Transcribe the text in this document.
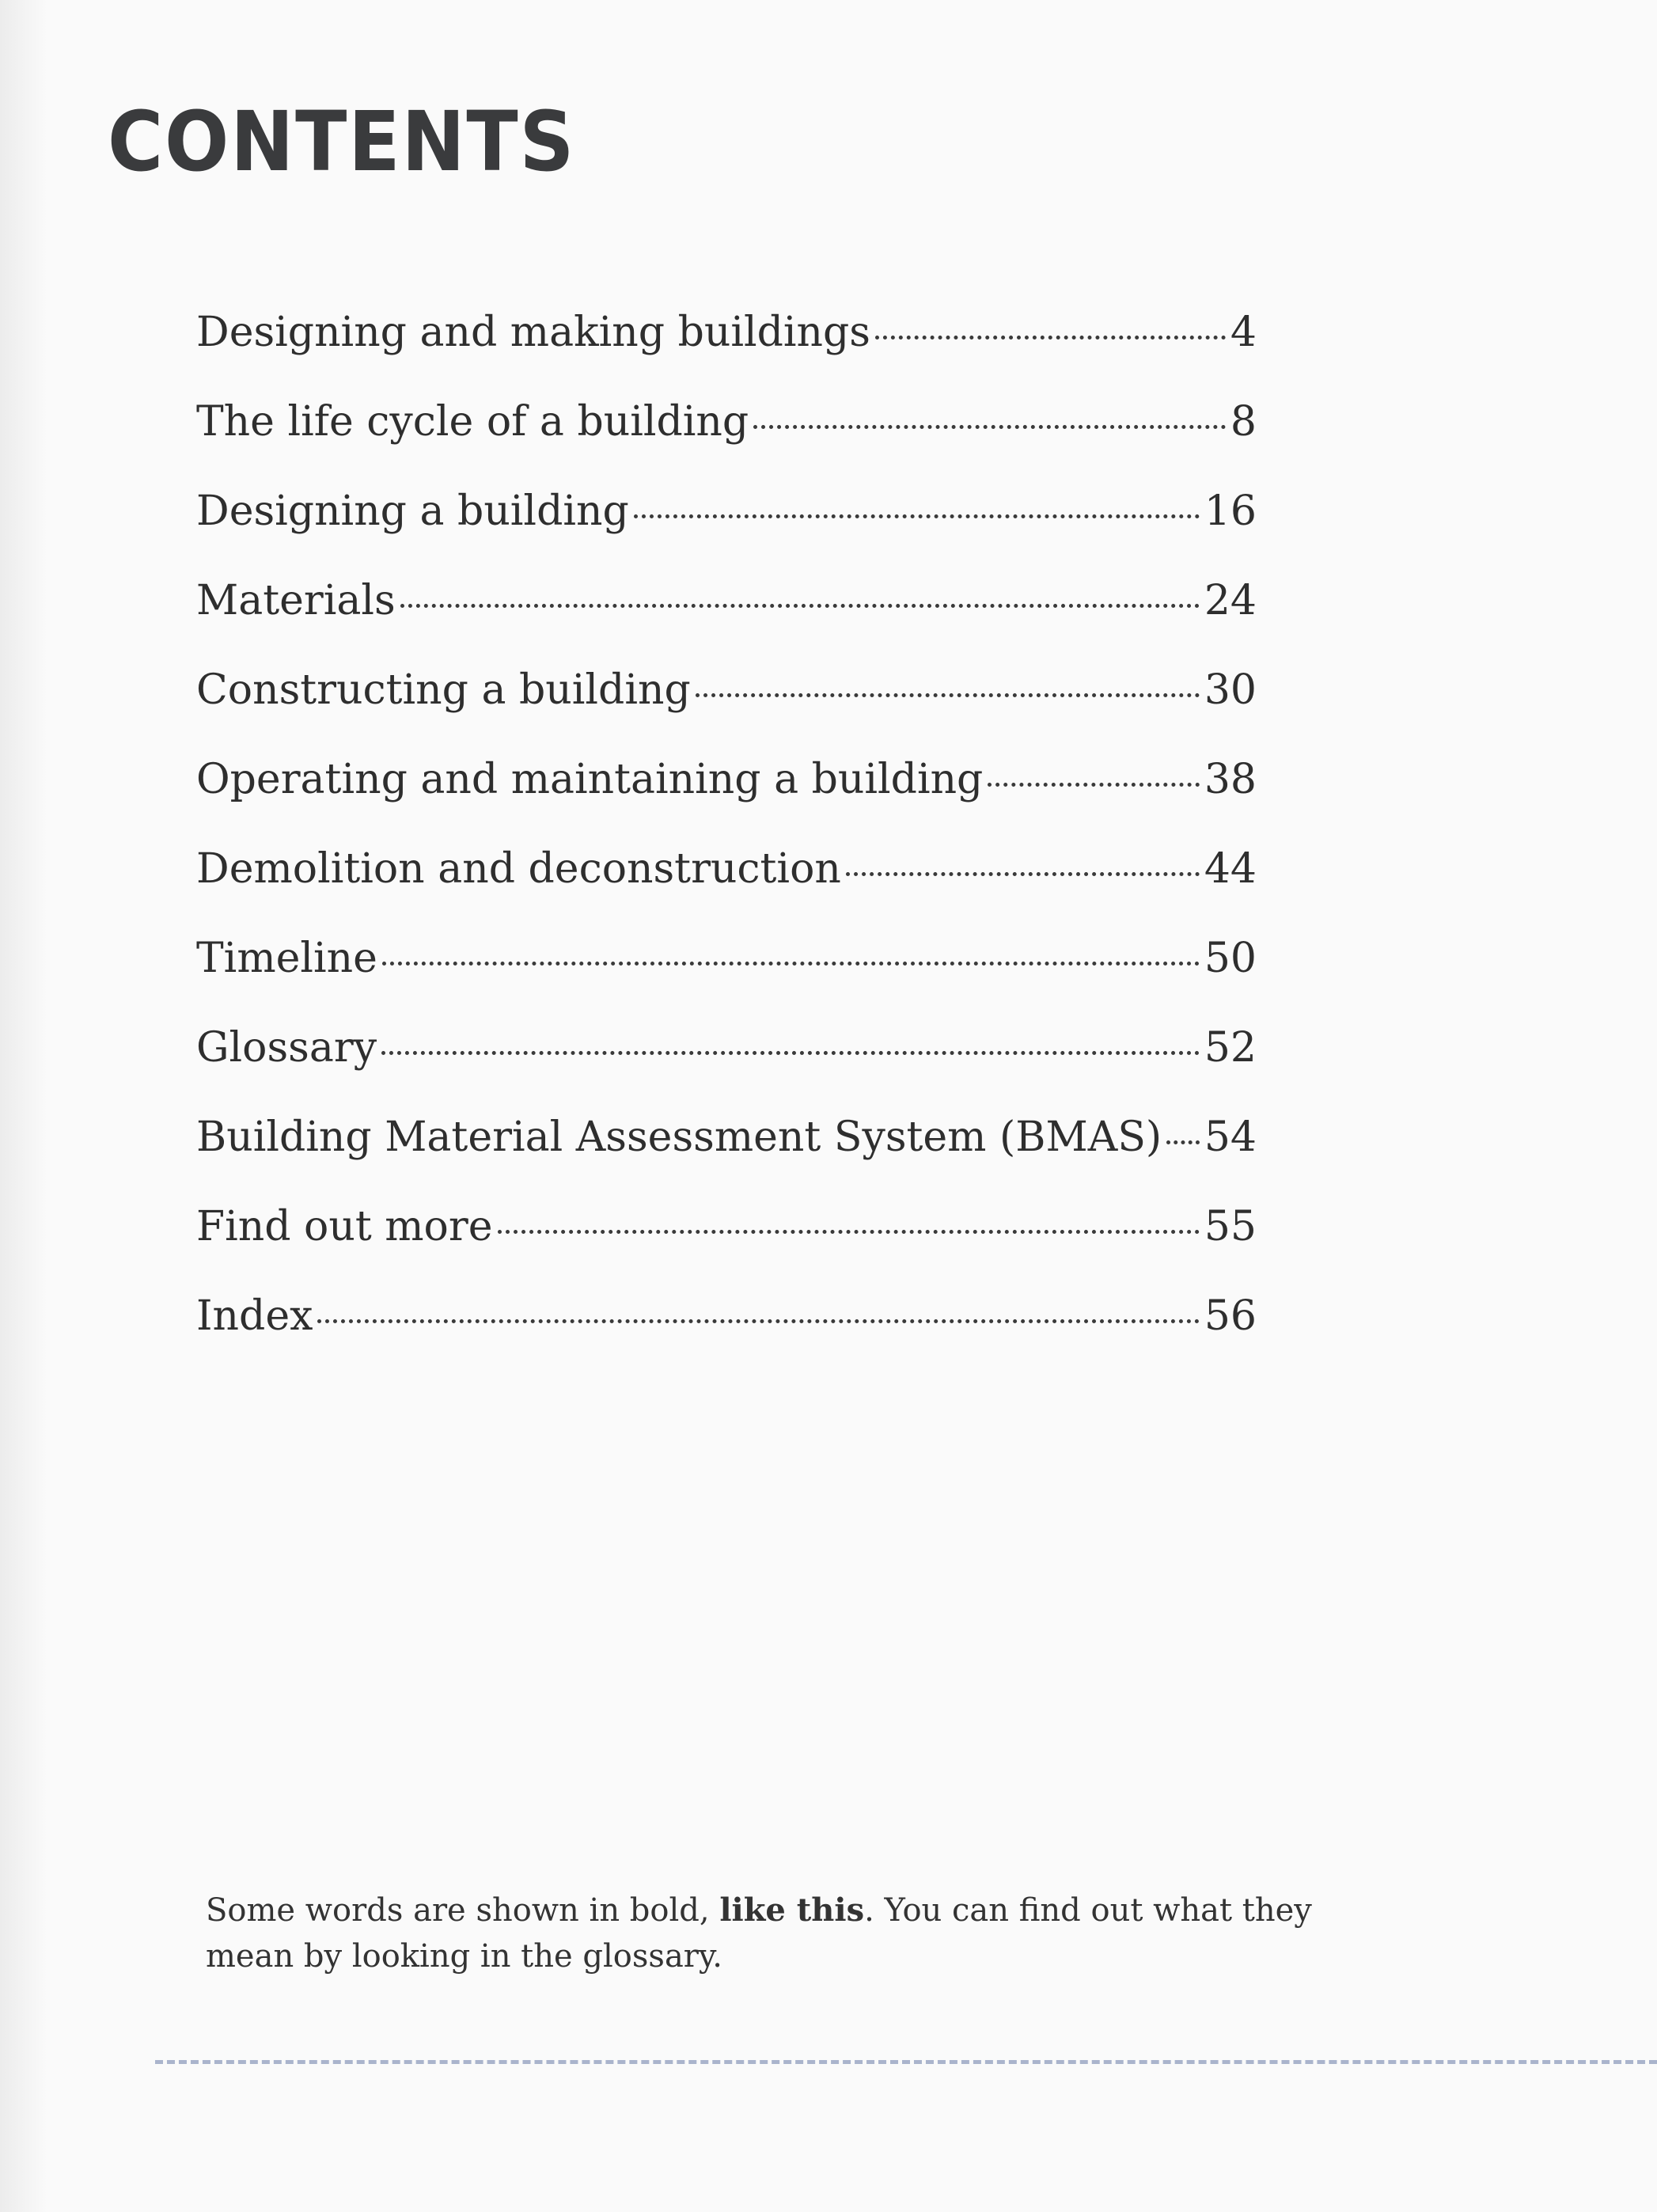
CONTENTS
Designing and making buildings	4
The life cycle of a building	8
Designing a building	16
Materials	24
Constructing a building	30
Operating and maintaining a building	38
Demolition and deconstruction	44
Timeline	50
Glossary	52
Building Material Assessment System (BMAS) 54
Find out more	55
Index	56

Some words are shown in bold, like this. You can find out what they mean by looking in the glossary.
